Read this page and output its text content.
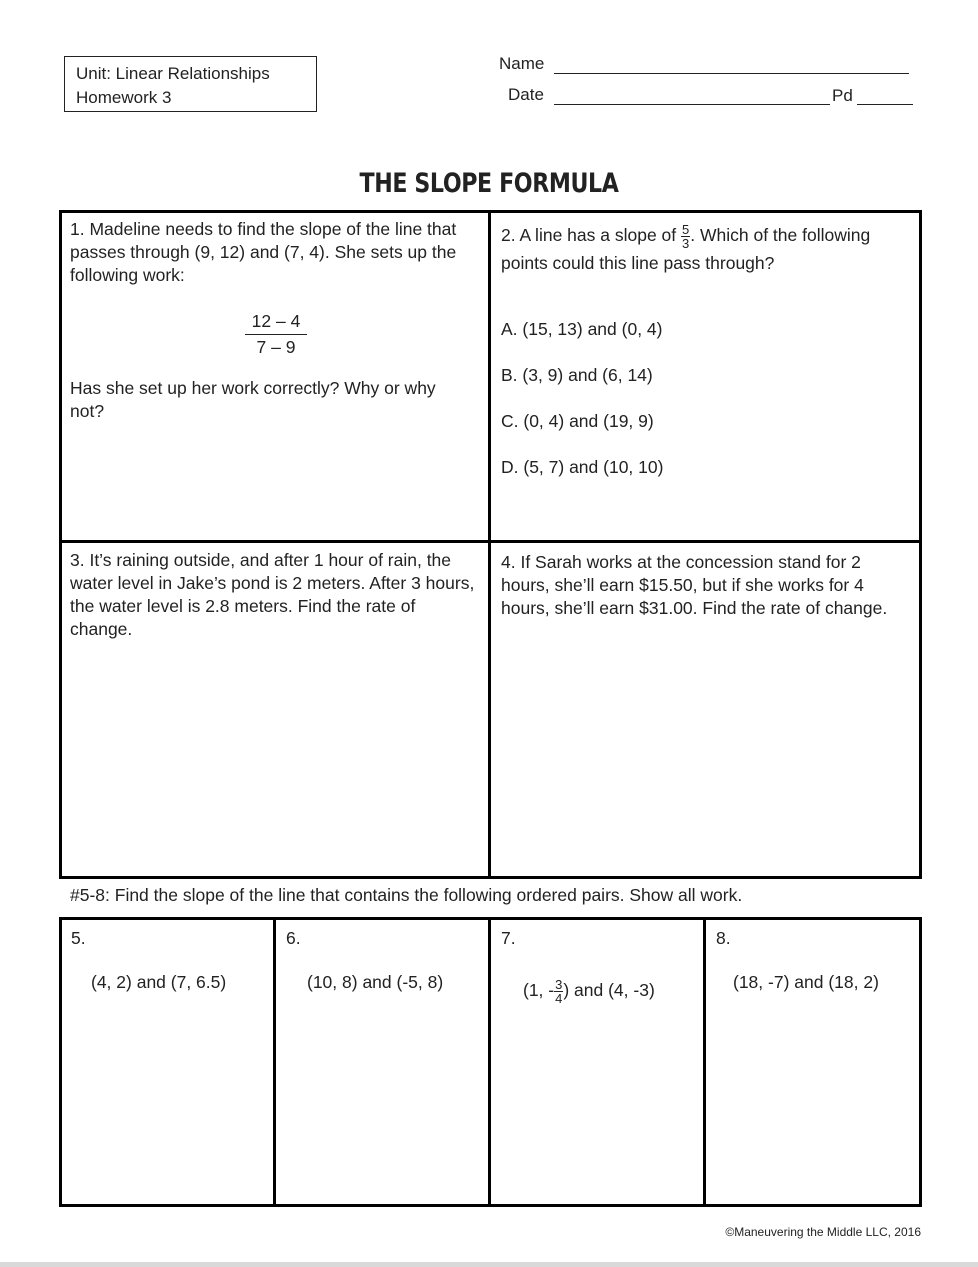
Unit: Linear Relationships
Homework 3
Name
Date	Pd
THE SLOPE FORMULA
1. Madeline needs to find the slope of the line that passes through (9, 12) and (7, 4). She sets up the following work:
$\frac{12 - 4}{7 - 9}$
Has she set up her work correctly? Why or why not?
2. A line has a slope of $\frac{5}{3}$ . Which of the following points could this line pass through?
A. (15, 13) and (0, 4)
B. (3, 9) and (6, 14)
C. (0, 4) and (19, 9)
D. (5, 7) and (10, 10)
3. It’s raining outside, and after 1 hour of rain, the water level in Jake’s pond is 2 meters. After 3 hours, the water level is 2.8 meters. Find the rate of change.
4. If Sarah works at the concession stand for 2 hours, she’ll earn $15.50, but if she works for 4 hours, she’ll earn $31.00. Find the rate of change.
#5-8: Find the slope of the line that contains the following ordered pairs. Show all work.
5.
(4, 2) and (7, 6.5)
6.
(10, 8) and (-5, 8)
7.
(1, - $\frac{3}{4}$ ) and (4, -3)
8.
(18, -7) and (18, 2)
©Maneuvering the Middle LLC, 2016
